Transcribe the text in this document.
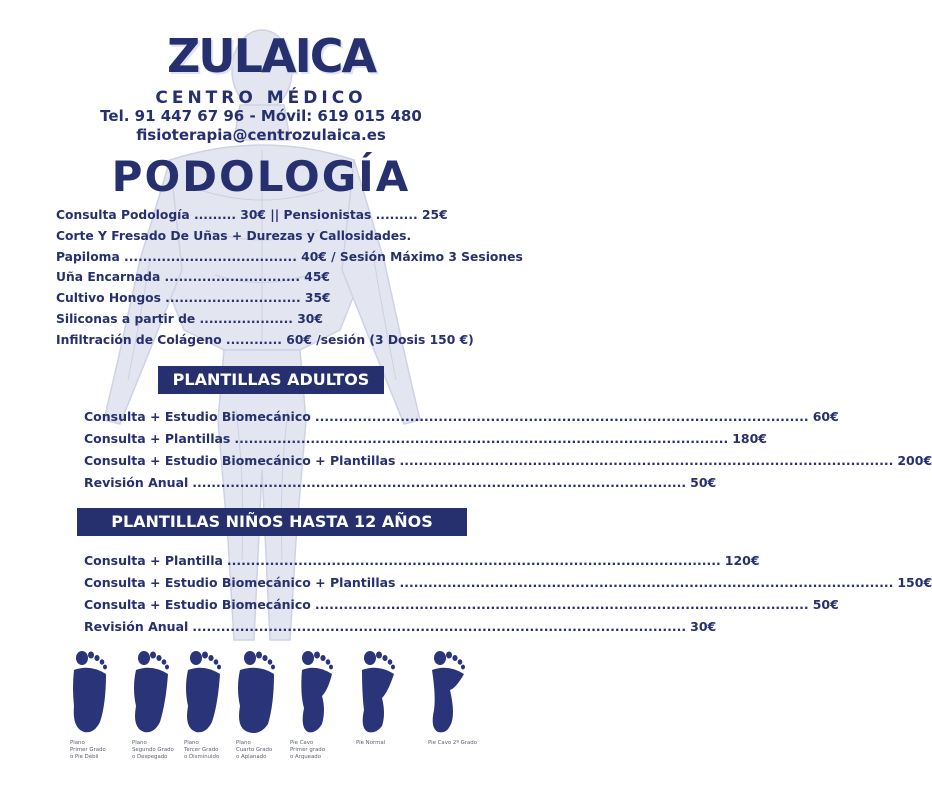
ZULAICA
CENTRO MÉDICO
Tel. 91 447 67 96 - Móvil: 619 015 480
fisioterapia@centrozulaica.es
PODOLOGÍA
Consulta Podología ......... 30€ || Pensionistas ......... 25€
Corte Y Fresado De Uñas + Durezas y Callosidades.
Papiloma ..................................... 40€ / Sesión Máximo 3 Sesiones
Uña Encarnada ............................. 45€
Cultivo Hongos ............................. 35€
Siliconas a partir de .................... 30€
Infiltración de Colágeno ............ 60€ /sesión (3 Dosis 150 €)
PLANTILLAS ADULTOS
Consulta + Estudio Biomecánico ........................................................................................................ 60€
Consulta + Plantillas ........................................................................................................ 180€
Consulta + Estudio Biomecánico + Plantillas ........................................................................................................ 200€
Revisión Anual ........................................................................................................ 50€
PLANTILLAS NIÑOS HASTA 12 AÑOS
Consulta + Plantilla ........................................................................................................ 120€
Consulta + Estudio Biomecánico + Plantillas ........................................................................................................ 150€
Consulta + Estudio Biomecánico ........................................................................................................ 50€
Revisión Anual ........................................................................................................ 30€
Plano
Primer Grado
o Pie Débil
Plano
Segundo Grado
o Despegado
Plano
Tercer Grado
o Disminuido
Plano
Cuarto Grado
o Aplanado
Pie Cavo
Primer grado
o Arqueado
Pie Normal	Pie Cavo 2º Grado
